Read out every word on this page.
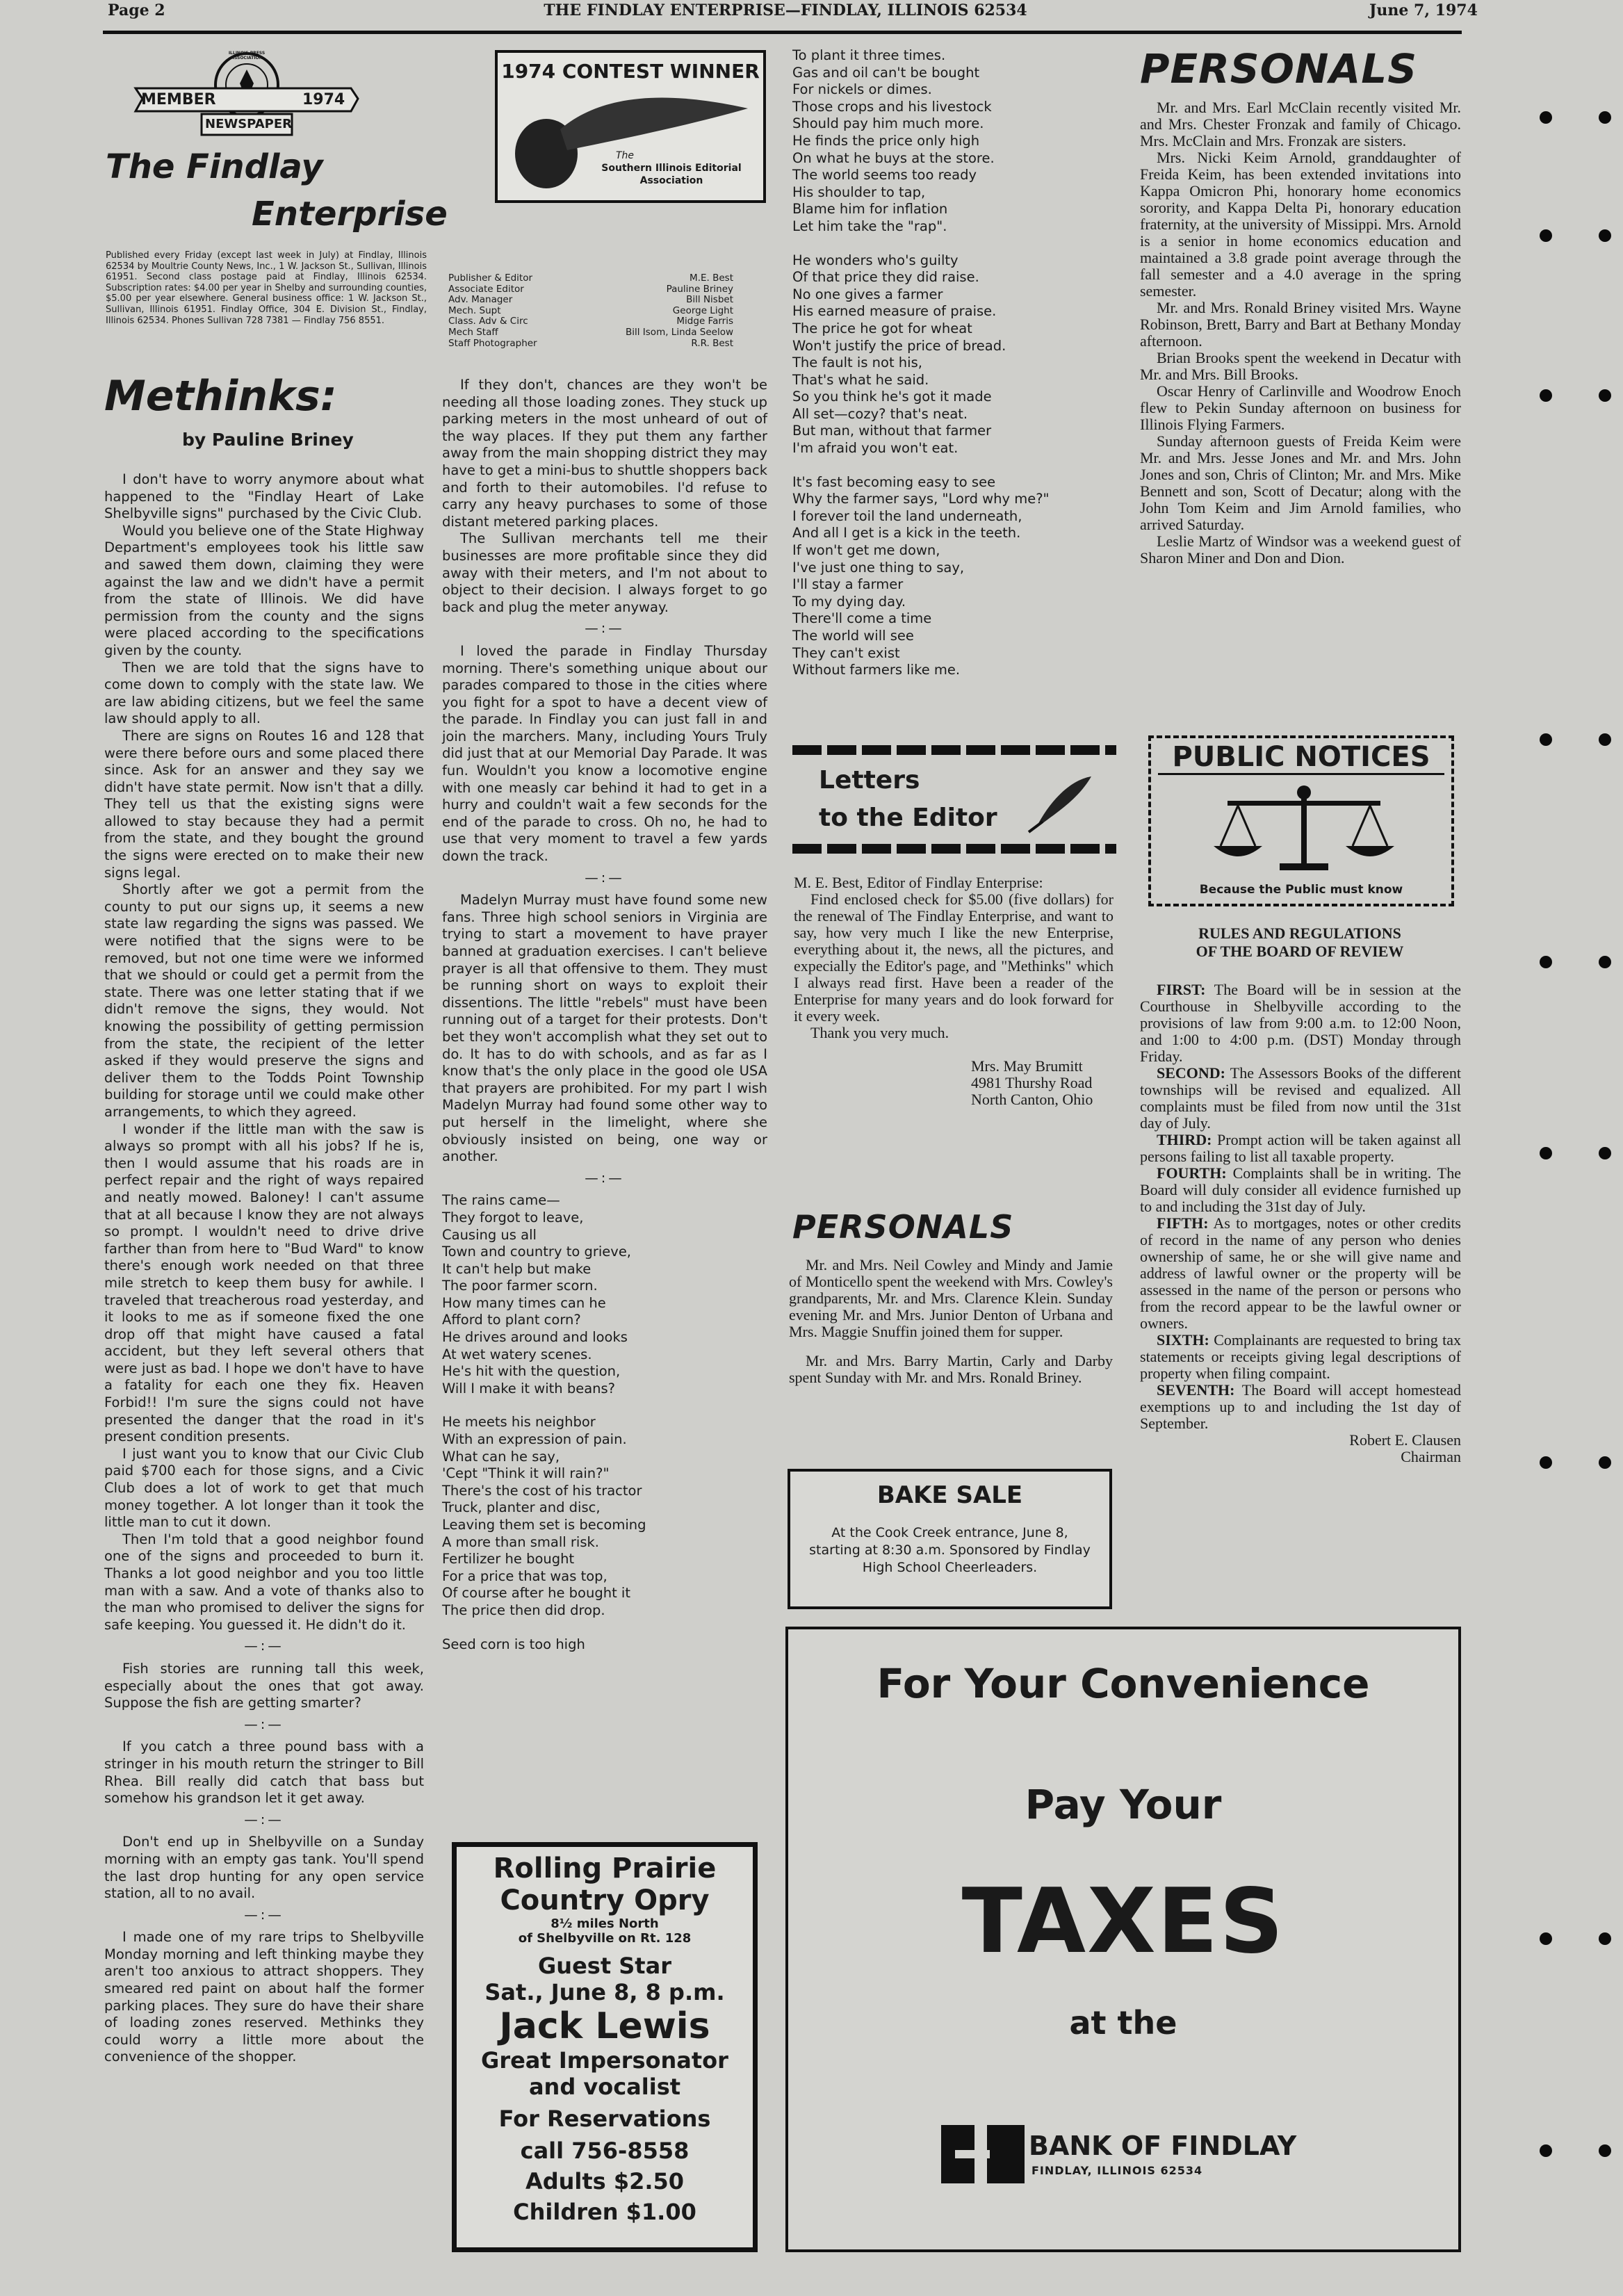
Page 2	THE FINDLAY ENTERPRISE—FINDLAY, ILLINOIS 62534	June 7, 1974
MEMBER	1974
NEWSPAPER
ILLINOIS PRESS ASSOCIATION
The Findlay
Enterprise
Published every Friday (except last week in July) at Findlay, Illinois 62534 by Moultrie County News, Inc., 1 W. Jackson St., Sullivan, Illinois 61951. Second class postage paid at Findlay, Illinois 62534. Subscription rates: $4.00 per year in Shelby and surrounding counties, $5.00 per year elsewhere. General business office: 1 W. Jackson St., Sullivan, Illinois 61951. Findlay Office, 304 E. Division St., Findlay, Illinois 62534. Phones Sullivan 728 7381 — Findlay 756 8551.
Publisher & Editor	M.E. Best
Associate Editor	Pauline Briney
Adv. Manager	Bill Nisbet
Mech. Supt	George Light
Class. Adv & Circ	Midge Farris
Mech Staff	Bill Isom, Linda Seelow
Staff Photographer	R.R. Best
1974 CONTEST WINNER
The
Southern Illinois Editorial
Association
Methinks:
by Pauline Briney

I don't have to worry anymore about what happened to the "Findlay Heart of Lake Shelbyville signs" purchased by the Civic Club.

Would you believe one of the State Highway Department's employees took his little saw and sawed them down, claiming they were against the law and we didn't have a permit from the state of Illinois. We did have permission from the county and the signs were placed according to the specifications given by the county.

Then we are told that the signs have to come down to comply with the state law. We are law abiding citizens, but we feel the same law should apply to all.

There are signs on Routes 16 and 128 that were there before ours and some placed there since. Ask for an answer and they say we didn't have state permit. Now isn't that a dilly. They tell us that the existing signs were allowed to stay because they had a permit from the state, and they bought the ground the signs were erected on to make their new signs legal.

Shortly after we got a permit from the county to put our signs up, it seems a new state law regarding the signs was passed. We were notified that the signs were to be removed, but not one time were we informed that we should or could get a permit from the state. There was one letter stating that if we didn't remove the signs, they would. Not knowing the possibility of getting permission from the state, the recipient of the letter asked if they would preserve the signs and deliver them to the Todds Point Township building for storage until we could make other arrangements, to which they agreed.

I wonder if the little man with the saw is always so prompt with all his jobs? If he is, then I would assume that his roads are in perfect repair and the right of ways repaired and neatly mowed. Baloney! I can't assume that at all because I know they are not always so prompt. I wouldn't need to drive drive farther than from here to "Bud Ward" to know there's enough work needed on that three mile stretch to keep them busy for awhile. I traveled that treacherous road yesterday, and it looks to me as if someone fixed the one drop off that might have caused a fatal accident, but they left several others that were just as bad. I hope we don't have to have a fatality for each one they fix. Heaven Forbid!! I'm sure the signs could not have presented the danger that the road in it's present condition presents.

I just want you to know that our Civic Club paid $700 each for those signs, and a Civic Club does a lot of work to get that much money together. A lot longer than it took the little man to cut it down.

Then I'm told that a good neighbor found one of the signs and proceeded to burn it. Thanks a lot good neighbor and you too little man with a saw. And a vote of thanks also to the man who promised to deliver the signs for safe keeping. You guessed it. He didn't do it.

—:—

Fish stories are running tall this week, especially about the ones that got away. Suppose the fish are getting smarter?

—:—

If you catch a three pound bass with a stringer in his mouth return the stringer to Bill Rhea. Bill really did catch that bass but somehow his grandson let it get away.

—:—

Don't end up in Shelbyville on a Sunday morning with an empty gas tank. You'll spend the last drop hunting for any open service station, all to no avail.

—:—

I made one of my rare trips to Shelbyville Monday morning and left thinking maybe they aren't too anxious to attract shoppers. They smeared red paint on about half the former parking places. They sure do have their share of loading zones reserved. Methinks they could worry a little more about the convenience of the shopper.

If they don't, chances are they won't be needing all those loading zones. They stuck up parking meters in the most unheard of out of the way places. If they put them any farther away from the main shopping district they may have to get a mini-bus to shuttle shoppers back and forth to their automobiles. I'd refuse to carry any heavy purchases to some of those distant metered parking places.

The Sullivan merchants tell me their businesses are more profitable since they did away with their meters, and I'm not about to object to their decision. I always forget to go back and plug the meter anyway.

—:—

I loved the parade in Findlay Thursday morning. There's something unique about our parades compared to those in the cities where you fight for a spot to have a decent view of the parade. In Findlay you can just fall in and join the marchers. Many, including Yours Truly did just that at our Memorial Day Parade. It was fun. Wouldn't you know a locomotive engine with one measly car behind it had to get in a hurry and couldn't wait a few seconds for the end of the parade to cross. Oh no, he had to use that very moment to travel a few yards down the track.

—:—

Madelyn Murray must have found some new fans. Three high school seniors in Virginia are trying to start a movement to have prayer banned at graduation exercises. I can't believe prayer is all that offensive to them. They must be running short on ways to exploit their dissentions. The little "rebels" must have been running out of a target for their protests. Don't bet they won't accomplish what they set out to do. It has to do with schools, and as far as I know that's the only place in the good ole USA that prayers are prohibited. For my part I wish Madelyn Murray had found some other way to put herself in the limelight, where she obviously insisted on being, one way or another.

—:—
The rains came—
They forgot to leave,
Causing us all
Town and country to grieve,
It can't help but make
The poor farmer scorn.
How many times can he
Afford to plant corn?
He drives around and looks
At wet watery scenes.
He's hit with the question,
Will I make it with beans?
He meets his neighbor
With an expression of pain.
What can he say,
'Cept "Think it will rain?"
There's the cost of his tractor
Truck, planter and disc,
Leaving them set is becoming
A more than small risk.
Fertilizer he bought
For a price that was top,
Of course after he bought it
The price then did drop.
Seed corn is too high
Rolling Prairie
Country Opry
8½ miles North
of Shelbyville on Rt. 128
Guest Star
Sat., June 8, 8 p.m.
Jack Lewis
Great Impersonator
and vocalist
For Reservations
call 756-8558
Adults $2.50
Children $1.00
To plant it three times.
Gas and oil can't be bought
For nickels or dimes.
Those crops and his livestock
Should pay him much more.
He finds the price only high
On what he buys at the store.
The world seems too ready
His shoulder to tap,
Blame him for inflation
Let him take the "rap".
He wonders who's guilty
Of that price they did raise.
No one gives a farmer
His earned measure of praise.
The price he got for wheat
Won't justify the price of bread.
The fault is not his,
That's what he said.
So you think he's got it made
All set—cozy? that's neat.
But man, without that farmer
I'm afraid you won't eat.
It's fast becoming easy to see
Why the farmer says, "Lord why me?"
I forever toil the land underneath,
And all I get is a kick in the teeth.
If won't get me down,
I've just one thing to say,
I'll stay a farmer
To my dying day.
There'll come a time
The world will see
They can't exist
Without farmers like me.
Letters
to the Editor
M. E. Best, Editor of Findlay Enterprise:

Find enclosed check for $5.00 (five dollars) for the renewal of The Findlay Enterprise, and want to say, how very much I like the new Enterprise, everything about it, the news, all the pictures, and expecially the Editor's page, and "Methinks" which I always read first. Have been a reader of the Enterprise for many years and do look forward for it every week.

Thank you very much.

Mrs. May Brumitt
4981 Thurshy Road
North Canton, Ohio
PERSONALS

Mr. and Mrs. Neil Cowley and Mindy and Jamie of Monticello spent the weekend with Mrs. Cowley's grandparents, Mr. and Mrs. Clarence Klein. Sunday evening Mr. and Mrs. Junior Denton of Urbana and Mrs. Maggie Snuffin joined them for supper.

Mr. and Mrs. Barry Martin, Carly and Darby spent Sunday with Mr. and Mrs. Ronald Briney.

BAKE SALE
At the Cook Creek entrance, June 8, starting at 8:30 a.m. Sponsored by Findlay High School Cheerleaders.
PERSONALS

Mr. and Mrs. Earl McClain recently visited Mr. and Mrs. Chester Fronzak and family of Chicago. Mrs. McClain and Mrs. Fronzak are sisters.

Mrs. Nicki Keim Arnold, granddaughter of Freida Keim, has been extended invitations into Kappa Omicron Phi, honorary home economics sorority, and Kappa Delta Pi, honorary education fraternity, at the university of Missippi. Mrs. Arnold is a senior in home economics education and maintained a 3.8 grade point average through the fall semester and a 4.0 average in the spring semester.

Mr. and Mrs. Ronald Briney visited Mrs. Wayne Robinson, Brett, Barry and Bart at Bethany Monday afternoon.

Brian Brooks spent the weekend in Decatur with Mr. and Mrs. Bill Brooks.

Oscar Henry of Carlinville and Woodrow Enoch flew to Pekin Sunday afternoon on business for Illinois Flying Farmers.

Sunday afternoon guests of Freida Keim were Mr. and Mrs. Jesse Jones and Mr. and Mrs. John Jones and son, Chris of Clinton; Mr. and Mrs. Mike Bennett and son, Scott of Decatur; along with the John Tom Keim and Jim Arnold families, who arrived Saturday.

Leslie Martz of Windsor was a weekend guest of Sharon Miner and Don and Dion.

PUBLIC NOTICES
Because the Public must know
RULES AND REGULATIONS
OF THE BOARD OF REVIEW

FIRST: The Board will be in session at the Courthouse in Shelbyville according to the provisions of law from 9:00 a.m. to 12:00 Noon, and 1:00 to 4:00 p.m. (DST) Monday through Friday.

SECOND: The Assessors Books of the different townships will be revised and equalized. All complaints must be filed from now until the 31st day of July.

THIRD: Prompt action will be taken against all persons failing to list all taxable property.

FOURTH: Complaints shall be in writing. The Board will duly consider all evidence furnished up to and including the 31st day of July.

FIFTH: As to mortgages, notes or other credits of record in the name of any person who denies ownership of same, he or she will give name and address of lawful owner or the property will be assessed in the name of the person or persons who from the record appear to be the lawful owner or owners.

SIXTH: Complainants are requested to bring tax statements or receipts giving legal descriptions of property when filing compaint.

SEVENTH: The Board will accept homestead exemptions up to and including the 1st day of September.

Robert E. Clausen
Chairman
For Your Convenience
Pay Your
TAXES
at the
BANK OF FINDLAY
FINDLAY, ILLINOIS 62534
